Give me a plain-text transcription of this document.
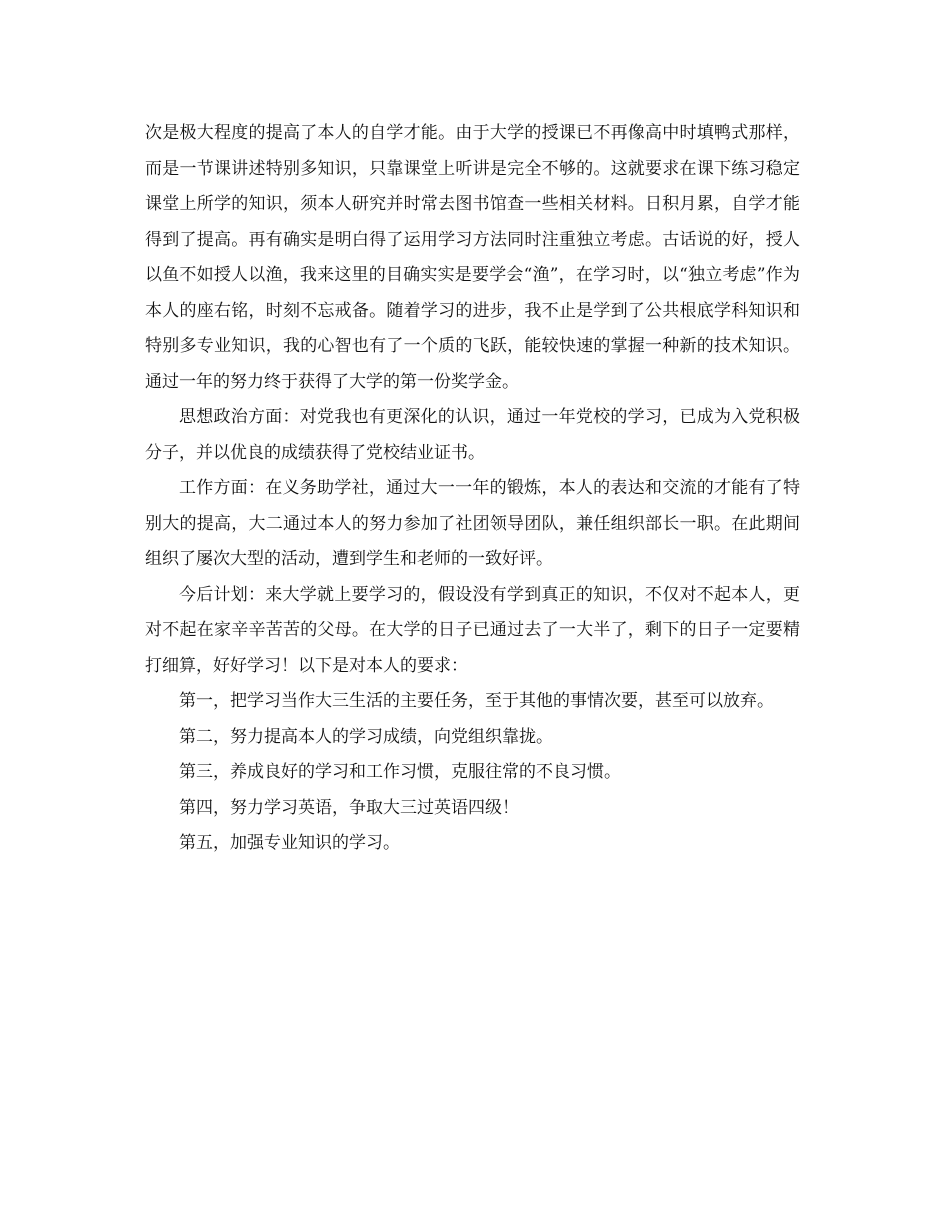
次是极大程度的提高了本人的自学才能。由于大学的授课已不再像高中时填鸭式那样，而是一节课讲述特别多知识，只靠课堂上听讲是完全不够的。这就要求在课下练习稳定课堂上所学的知识，须本人研究并时常去图书馆查一些相关材料。日积月累，自学才能得到了提高。再有确实是明白得了运用学习方法同时注重独立考虑。古话说的好，授人以鱼不如授人以渔，我来这里的目确实实是要学会“渔”，在学习时，以“独立考虑”作为本人的座右铭，时刻不忘戒备。随着学习的进步，我不止是学到了公共根底学科知识和特别多专业知识，我的心智也有了一个质的飞跃，能较快速的掌握一种新的技术知识。通过一年的努力终于获得了大学的第一份奖学金。

思想政治方面：对党我也有更深化的认识，通过一年党校的学习，已成为入党积极分子，并以优良的成绩获得了党校结业证书。

工作方面：在义务助学社，通过大一一年的锻炼，本人的表达和交流的才能有了特别大的提高，大二通过本人的努力参加了社团领导团队，兼任组织部长一职。在此期间组织了屡次大型的活动，遭到学生和老师的一致好评。

今后计划：来大学就上要学习的，假设没有学到真正的知识，不仅对不起本人，更对不起在家辛辛苦苦的父母。在大学的日子已通过去了一大半了，剩下的日子一定要精打细算，好好学习！以下是对本人的要求：

第一，把学习当作大三生活的主要任务，至于其他的事情次要，甚至可以放弃。

第二，努力提高本人的学习成绩，向党组织靠拢。

第三，养成良好的学习和工作习惯，克服往常的不良习惯。

第四，努力学习英语，争取大三过英语四级！

第五，加强专业知识的学习。
